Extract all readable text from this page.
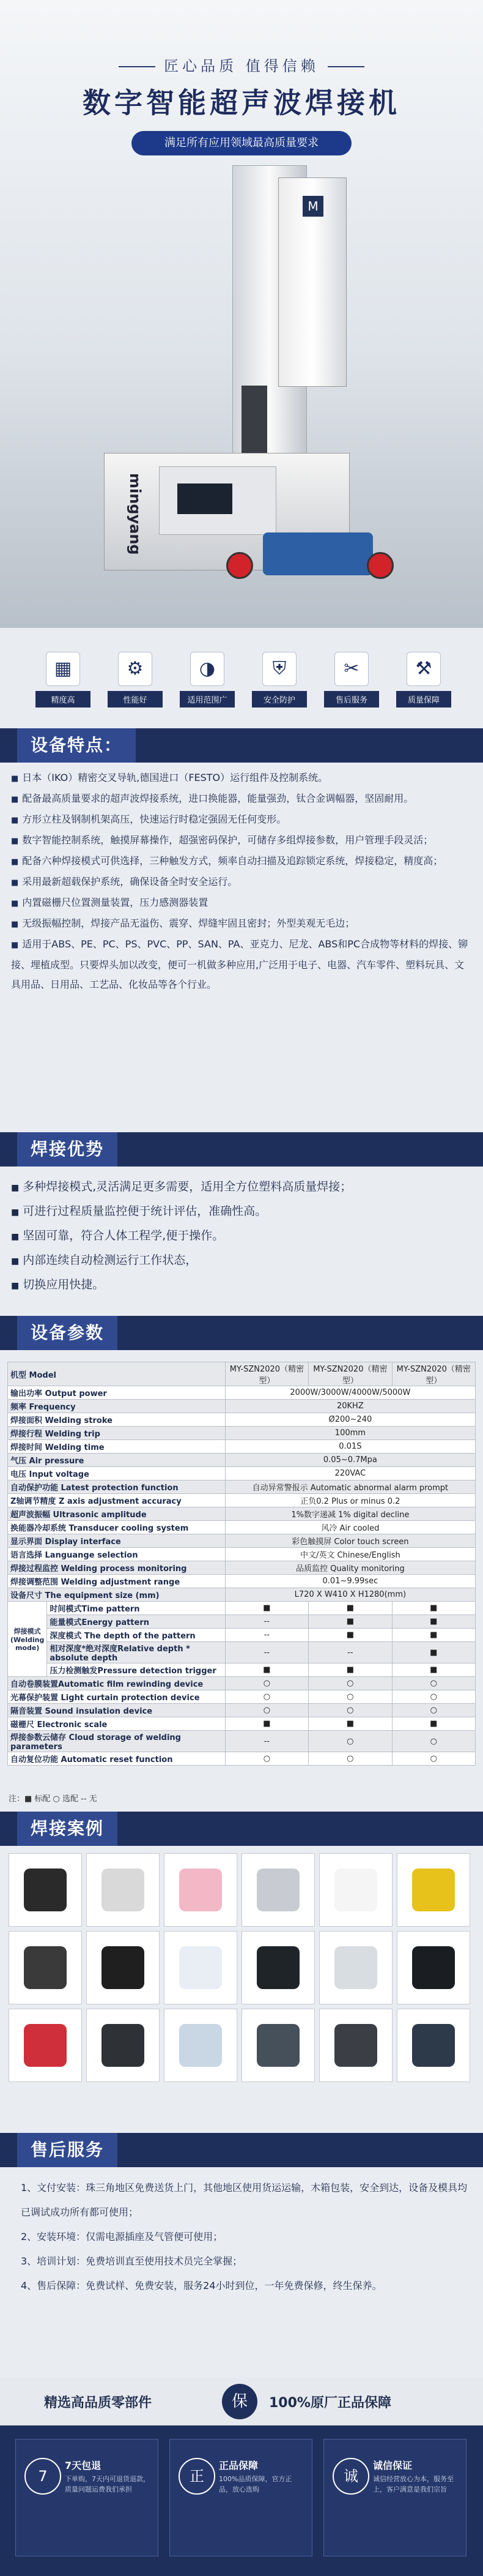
匠心品质 值得信赖
数字智能超声波焊接机
满足所有应用领域最高质量要求
M
mingyang
▦
精度高
⚙
性能好
◑
适用范围广
⛨
安全防护
✂
售后服务
⚒
质量保障
设备特点：
■ 日本（IKO）精密交叉导轨,德国进口（FESTO）运行组件及控制系统。
■ 配备最高质量要求的超声波焊接系统，进口换能器，能量强劲，钛合金调幅器，坚固耐用。
■ 方形立柱及钢制机架高压，快速运行时稳定强固无任何变形。
■ 数字智能控制系统，触摸屏幕操作，超强密码保护，可储存多组焊接参数，用户管理手段灵活；
■ 配备六种焊接模式可供选择，三种触发方式，频率自动扫描及追踪锁定系统，焊接稳定，精度高；
■ 采用最新超载保护系统，确保设备全时安全运行。
■ 内置磁栅尺位置测量装置，压力感测器装置
■ 无级振幅控制，焊接产品无溢伤、震穿、焊缝牢固且密封；外型美观无毛边；
■ 适用于ABS、PE、PC、PS、PVC、PP、SAN、PA、亚克力、尼龙、ABS和PC合成物等材料的焊接、铆接、埋植成型。只要焊头加以改变，便可一机做多种应用,广泛用于电子、电器、汽车零件、塑料玩具、文具用品、日用品、工艺品、化妆品等各个行业。
焊接优势
■ 多种焊接模式,灵活满足更多需要，适用全方位塑料高质量焊接；
■ 可进行过程质量监控便于统计评估，准确性高。
■ 坚固可靠，符合人体工程学,便于操作。
■ 内部连续自动检测运行工作状态，
■ 切换应用快捷。
设备参数
机型 Model		MY-SZN2020（精密型）	MY-SZN2020（精密型）	MY-SZN2020（精密型）
输出功率 Output power		2000W/3000W/4000W/5000W		
频率 Frequency		20KHZ		
焊接面积 Welding stroke		Ø200~240		
焊接行程 Welding trip		100mm		
焊接时间 Welding time		0.01S		
气压 Air pressure		0.05~0.7Mpa		
电压 Input voltage		220VAC		
自动保护功能 Latest protection function		自动异常警报示 Automatic abnormal alarm prompt		
Z轴调节精度 Z axis adjustment accuracy		正负0.2 Plus or minus 0.2		
超声波振幅 Ultrasonic amplitude		1%数字递减 1% digital decline		
换能器冷却系统 Transducer cooling system		风冷 Air cooled		
显示界面 Display interface		彩色触摸屏 Color touch screen		
语言选择 Languange selection		中文/英文 Chinese/English		
焊接过程监控 Welding process monitoring		品质监控 Quality monitoring		
焊接调整范围 Welding adjustment range		0.01~9.99sec		
设备尺寸 The equipment size (mm)		L720 X W410 X H1280(mm)		
焊接模式 (Welding mode)	时间模式Time pattern	■	■	■
	能量模式Energy pattern	--	■	■
	深度模式 The depth of the pattern	--	■	■
	相对深度*绝对深度Relative depth * absolute depth	--	--	■
	压力检测触发Pressure detection trigger	■	■	■
自动卷膜装置Automatic film rewinding device		○	○	○
光幕保护装置 Light curtain protection device		○	○	○
隔音装置 Sound insulation device		○	○	○
磁栅尺 Electronic scale		■	■	■
焊接参数云储存 Cloud storage of welding parameters		--	○	○
自动复位功能 Automatic reset function		○	○	○
注：■ 标配 ○ 选配 -- 无
焊接案例
售后服务
1、文付安装：珠三角地区免费送货上门，其他地区使用货运运输，木箱包装，安全到达，设备及模具均已调试成功所有都可使用；
2、安装环境：仅需电源插座及气管便可使用；
3、培训计划：免费培训直至使用技术员完全掌握；
4、售后保障：免费试样、免费安装，服务24小时到位，一年免费保修，终生保养。
精选高品质零部件	保	100%原厂正品保障
7
7天包退
下单购，7天内可退货退款，质量问题运费我们承担
正
正品保障
100%品质保障，官方正品，放心选购
诚
诚信保证
诚信经营放心为本，服务至上，客户满意是我们宗旨
